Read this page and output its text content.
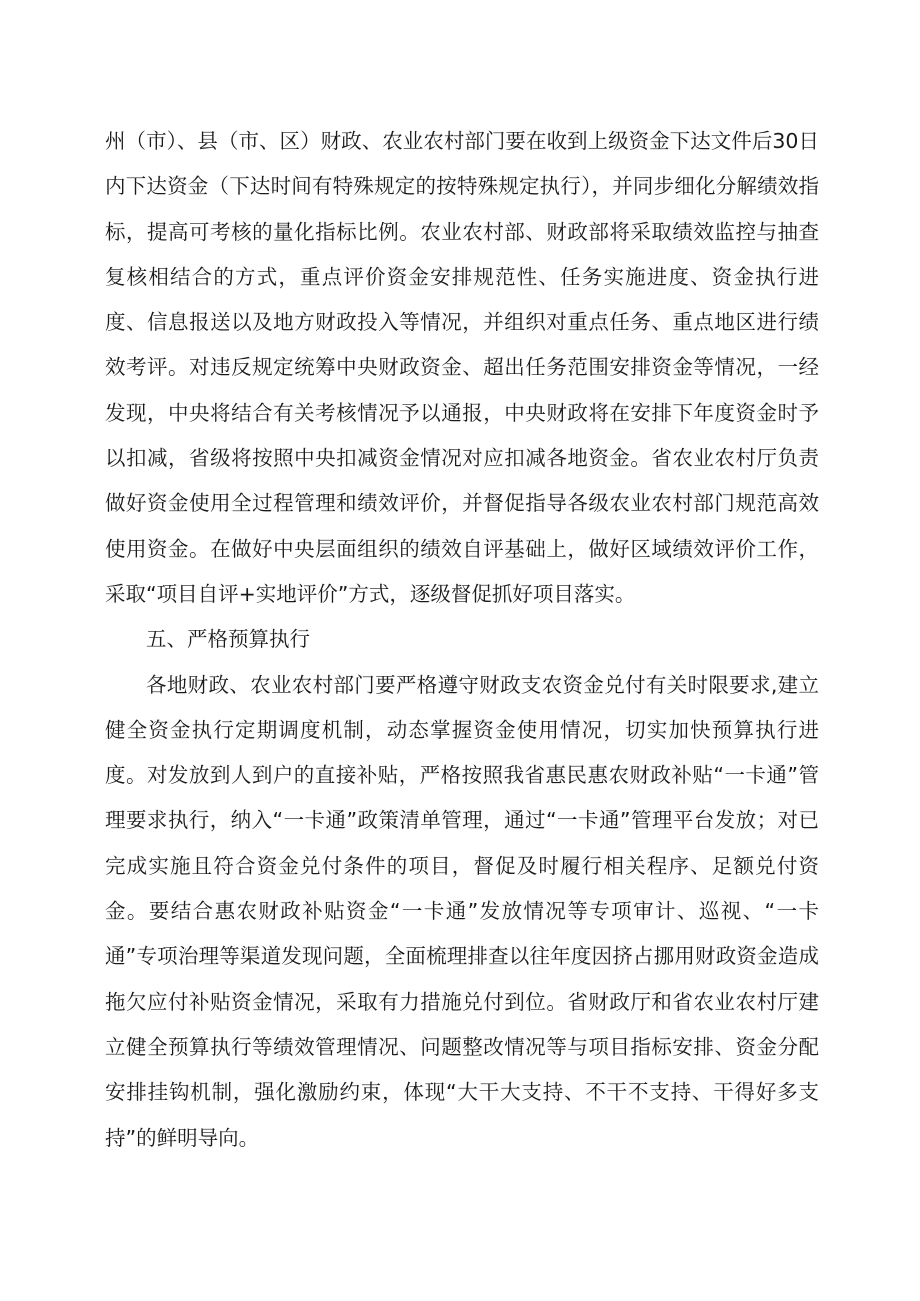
州（市）、县（市、区）财政、农业农村部门要在收到上级资金下达文件后30日内下达资金（下达时间有特殊规定的按特殊规定执行），并同步细化分解绩效指标，提高可考核的量化指标比例。农业农村部、财政部将采取绩效监控与抽查复核相结合的方式，重点评价资金安排规范性、任务实施进度、资金执行进度、信息报送以及地方财政投入等情况，并组织对重点任务、重点地区进行绩效考评。对违反规定统筹中央财政资金、超出任务范围安排资金等情况，一经发现，中央将结合有关考核情况予以通报，中央财政将在安排下年度资金时予以扣减，省级将按照中央扣减资金情况对应扣减各地资金。省农业农村厅负责做好资金使用全过程管理和绩效评价，并督促指导各级农业农村部门规范高效使用资金。在做好中央层面组织的绩效自评基础上，做好区域绩效评价工作，采取“项目自评+实地评价”方式，逐级督促抓好项目落实。

五、严格预算执行

各地财政、农业农村部门要严格遵守财政支农资金兑付有关时限要求,建立健全资金执行定期调度机制，动态掌握资金使用情况，切实加快预算执行进度。对发放到人到户的直接补贴，严格按照我省惠民惠农财政补贴“一卡通”管理要求执行，纳入“一卡通”政策清单管理，通过“一卡通”管理平台发放；对已完成实施且符合资金兑付条件的项目，督促及时履行相关程序、足额兑付资金。要结合惠农财政补贴资金“一卡通”发放情况等专项审计、巡视、“一卡通”专项治理等渠道发现问题，全面梳理排查以往年度因挤占挪用财政资金造成拖欠应付补贴资金情况，采取有力措施兑付到位。省财政厅和省农业农村厅建立健全预算执行等绩效管理情况、问题整改情况等与项目指标安排、资金分配安排挂钩机制，强化激励约束，体现“大干大支持、不干不支持、干得好多支持”的鲜明导向。
